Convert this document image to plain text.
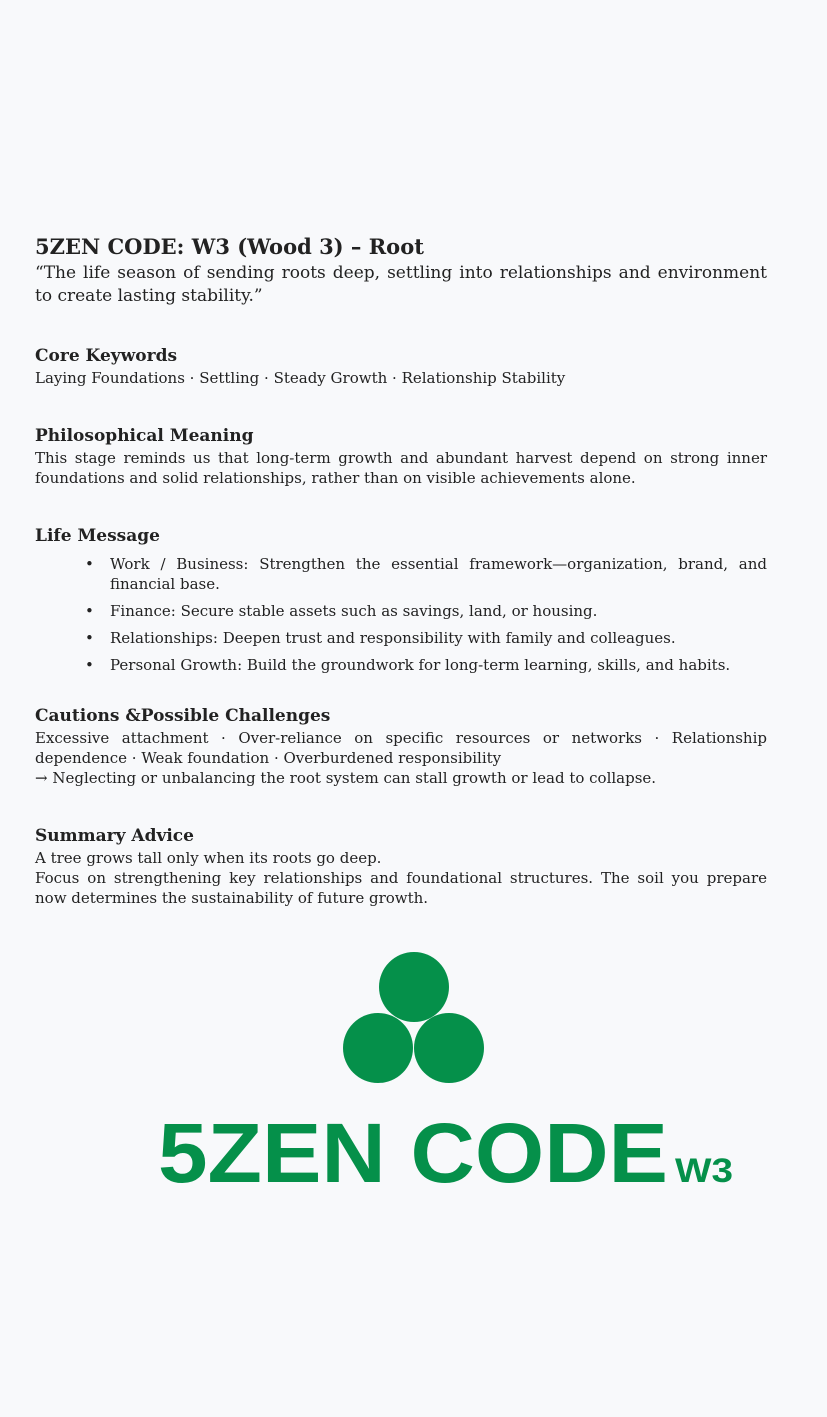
5ZEN CODE: W3 (Wood 3) – Root

“The life season of sending roots deep, settling into relationships and environment to create lasting stability.”

Core Keywords

Laying Foundations · Settling · Steady Growth · Relationship Stability

Philosophical Meaning

This stage reminds us that long-term growth and abundant harvest depend on strong inner foundations and solid relationships, rather than on visible achievements alone.

Life Message
• Work / Business: Strengthen the essential framework—organization, brand, and financial base.
• Finance: Secure stable assets such as savings, land, or housing.
• Relationships: Deepen trust and responsibility with family and colleagues.
• Personal Growth: Build the groundwork for long-term learning, skills, and habits.
Cautions &Possible Challenges

Excessive attachment · Over-reliance on specific resources or networks · Relationship dependence · Weak foundation · Overburdened responsibility

→ Neglecting or unbalancing the root system can stall growth or lead to collapse.

Summary Advice

A tree grows tall only when its roots go deep.

Focus on strengthening key relationships and foundational structures. The soil you prepare now determines the sustainability of future growth.

5ZEN CODE W3
